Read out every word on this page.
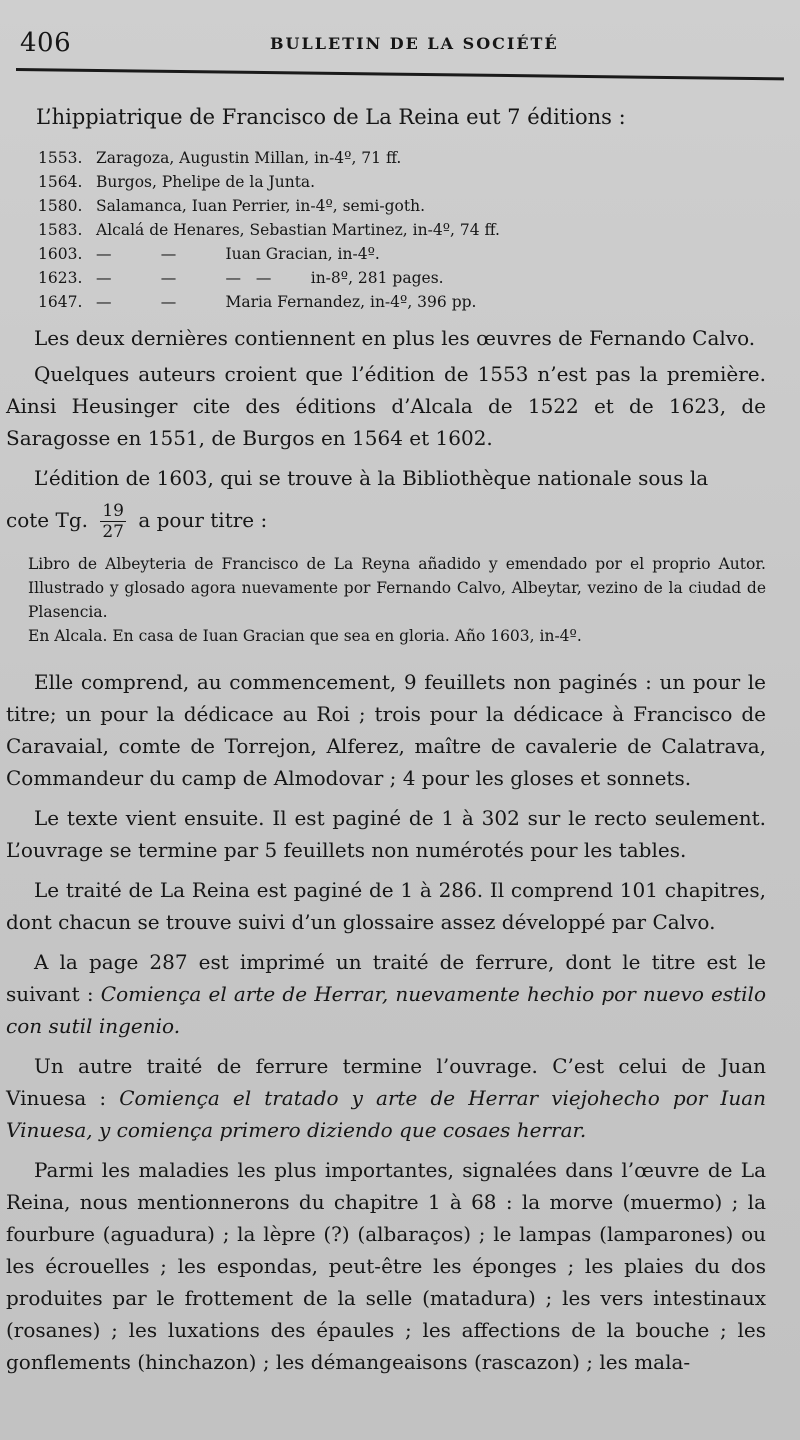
406	BULLETIN DE LA SOCIÉTÉ
L’hippiatrique de Francisco de La Reina eut 7 éditions :
1553. Zaragoza, Augustin Millan, in-4º, 71 ff.
1564. Burgos, Phelipe de la Junta.
1580. Salamanca, Iuan Perrier, in-4º, semi-goth.
1583. Alcalá de Henares, Sebastian Martinez, in-4º, 74 ff.
1603. —          —          Iuan Gracian, in-4º.
1623. —          —          —   —        in-8º, 281 pages.
1647. —          —          Maria Fernandez, in-4º, 396 pp.

Les deux dernières contiennent en plus les œuvres de Fernando Calvo.

Quelques auteurs croient que l’édition de 1553 n’est pas la première. Ainsi Heusinger cite des éditions d’Alcala de 1522 et de 1623, de Saragosse en 1551, de Burgos en 1564 et 1602.

L’édition de 1603, qui se trouve à la Bibliothèque nationale sous la

cote Tg. $\frac{19}{27}$ a pour titre :
Libro de Albeyteria de Francisco de La Reyna añadido y emendado por el proprio Autor. Illustrado y glosado agora nuevamente por Fernando Calvo, Albeytar, vezino de la ciudad de Plasencia.
En Alcala. En casa de Iuan Gracian que sea en gloria. Año 1603, in-4º.

Elle comprend, au commencement, 9 feuillets non paginés : un pour le titre; un pour la dédicace au Roi ; trois pour la dédicace à Francisco de Caravaial, comte de Torrejon, Alferez, maître de cavalerie de Calatrava, Commandeur du camp de Almodovar ; 4 pour les gloses et sonnets.

Le texte vient ensuite. Il est paginé de 1 à 302 sur le recto seulement. L’ouvrage se termine par 5 feuillets non numérotés pour les tables.

Le traité de La Reina est paginé de 1 à 286. Il comprend 101 chapitres, dont chacun se trouve suivi d’un glossaire assez développé par Calvo.

A la page 287 est imprimé un traité de ferrure, dont le titre est le suivant : Comiença el arte de Herrar, nuevamente hechio por nuevo estilo con sutil ingenio.

Un autre traité de ferrure termine l’ouvrage. C’est celui de Juan Vinuesa : Comiença el tratado y arte de Herrar viejohecho por Iuan Vinuesa, y comiença primero diziendo que cosaes herrar.

Parmi les maladies les plus importantes, signalées dans l’œuvre de La Reina, nous mentionnerons du chapitre 1 à 68 : la morve (muermo) ; la fourbure (aguadura) ; la lèpre (?) (albaraços) ; le lampas (lamparones) ou les écrouelles ; les espondas, peut-être les éponges ; les plaies du dos produites par le frottement de la selle (matadura) ; les vers intestinaux (rosanes) ; les luxations des épaules ; les affections de la bouche ; les gonflements (hinchazon) ; les démangeaisons (rascazon) ; les mala-
